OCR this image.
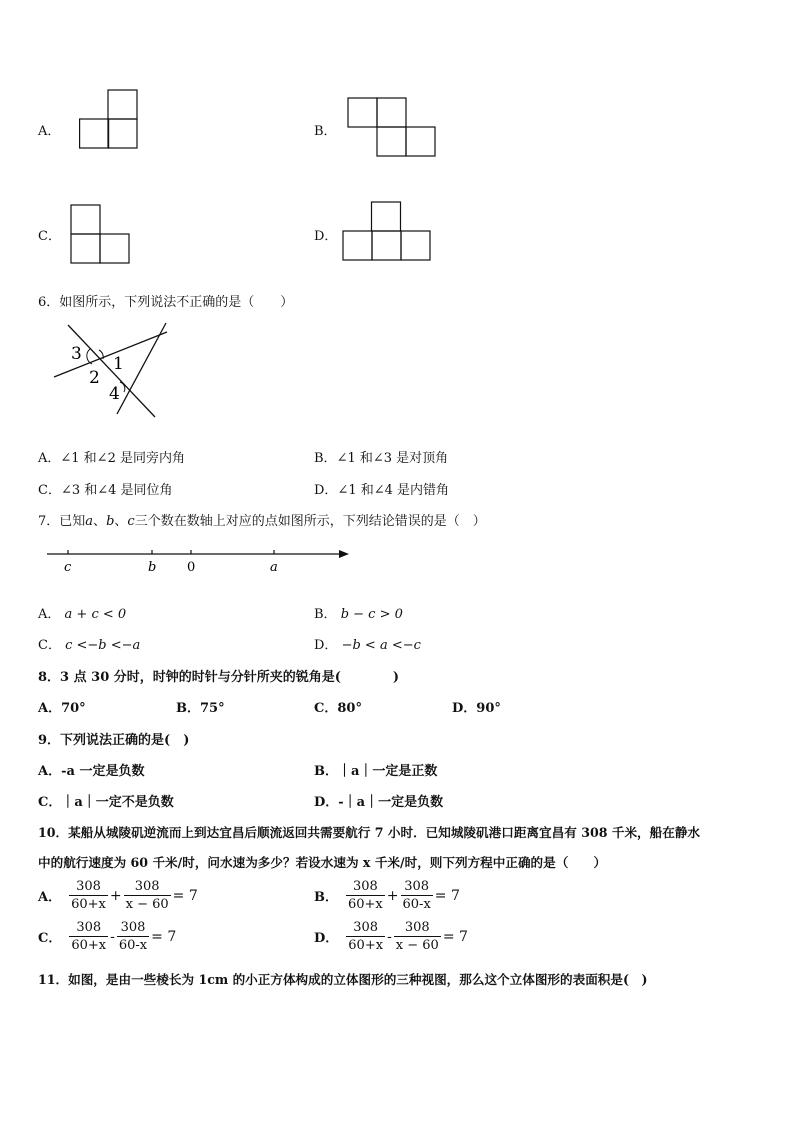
A．	B．
C．	D．
6．如图所示，下列说法不正确的是（　　）
3
2
1
4
A．∠1 和∠2 是同旁内角	B．∠1 和∠3 是对顶角
C．∠3 和∠4 是同位角	D．∠1 和∠4 是内错角
7．已知a、b、c三个数在数轴上对应的点如图所示，下列结论错误的是（　）
c	b 0	a
A． a + c < 0	B． b − c > 0
C． c <−b <−a	D． −b < a <−c
8．3 点 30 分时，时钟的时针与分针所夹的锐角是(　　　　)
A．70°	B．75°	C．80°	D．90°
9．下列说法正确的是(　)
A．-a 一定是负数	B．｜a｜一定是正数
C．｜a｜一定不是负数	D．-｜a｜一定是负数
10．某船从城陵矶逆流而上到达宜昌后顺流返回共需要航行 7 小时．已知城陵矶港口距离宜昌有 308 千米，船在静水
中的航行速度为 60 千米/时，问水速为多少？若设水速为 x 千米/时，则下列方程中正确的是（　　）
A． $\frac{308}{60+x} + \frac{308}{x - 60} = 7$	B． $\frac{308}{60+x} + \frac{308}{60-x} = 7$
C． $\frac{308}{60+x} - \frac{308}{60-x} = 7$	D． $\frac{308}{60+x} - \frac{308}{x - 60} = 7$
11．如图，是由一些棱长为 1cm 的小正方体构成的立体图形的三种视图，那么这个立体图形的表面积是(　)
